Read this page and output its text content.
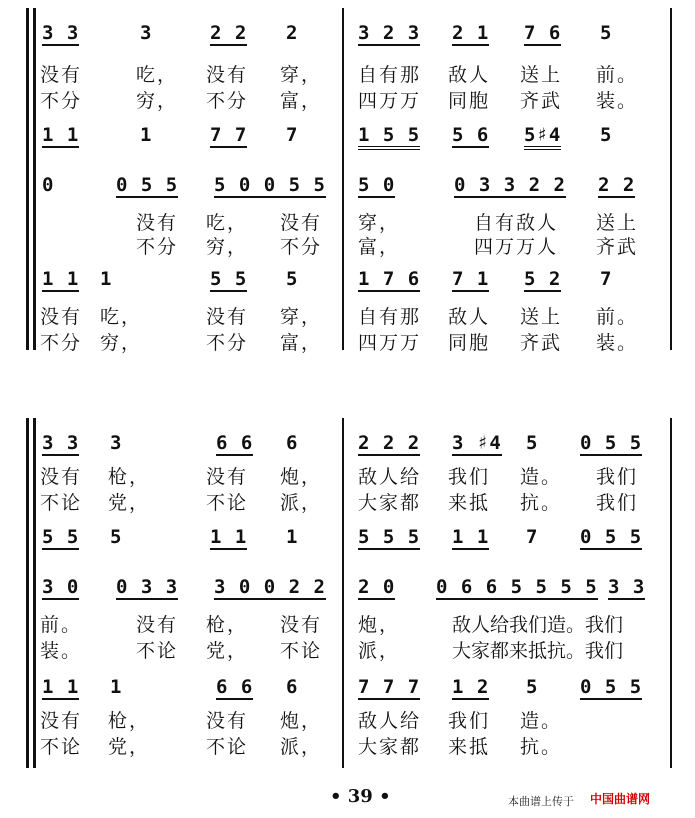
3 3	3	2 2 2	3 2 3 2 1 7 6 5
没有	吃， 没有 穿， 自有那 敌人 送上 前。
不分	穷， 不分 富， 四万万 同胞 齐武 装。
1 1	1	7 7 7	1 5 5 5 6 5♯4 5
0	0 5 5 5 0 0 5 5 5 0	0 3 3 2 2 2 2
没有 吃， 没有 穿，	自有敌人 送上
不分 穷， 不分 富，	四万万人 齐武
1 1 1	5 5 5	1 7 6 7 1 5 2 7
没有 吃，	没有 穿， 自有那 敌人 送上 前。
不分 穷，	不分 富， 四万万 同胞 齐武 装。
3 3 3	6 6 6	2 2 2 3 ♯4 5 0 5 5
没有 枪，	没有 炮， 敌人给 我们 造。 我们
不论 党，	不论 派， 大家都 来抵 抗。 我们
5 5 5	1 1 1	5 5 5 1 1 7 0 5 5
3 0 0 3 3 3 0 0 2 2 2 0 0 6 6 5 5 5 5 3 3
前。	没有 枪， 没有 炮，	敌人给我们造。我们
装。	不论 党， 不论 派，	大家都来抵抗。我们
1 1 1	6 6 6	7 7 7 1 2 5 0 5 5
没有 枪，	没有 炮， 敌人给 我们 造。
不论 党，	不论 派， 大家都 来抵 抗。
• 39 •	本曲谱上传于 中国曲谱网
